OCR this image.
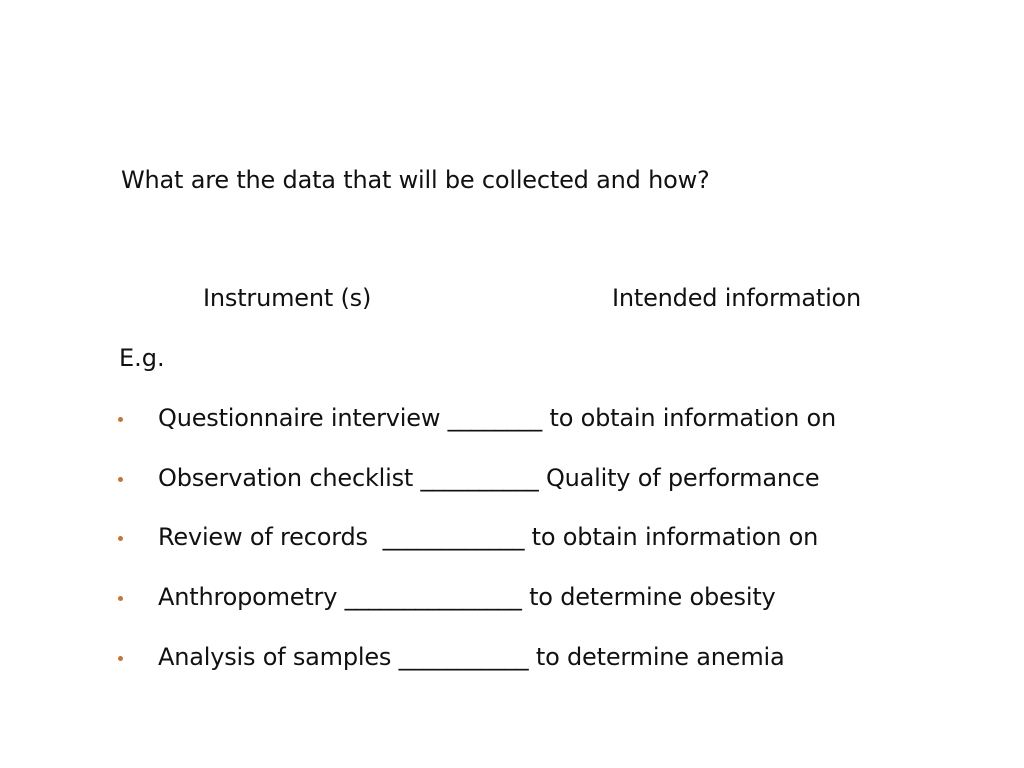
What are the data that will be collected and how?
Instrument (s)	Intended information
E.g.
Questionnaire interview ________ to obtain information on
Observation checklist __________ Quality of performance
Review of records  ____________ to obtain information on
Anthropometry _______________ to determine obesity
Analysis of samples ___________ to determine anemia
